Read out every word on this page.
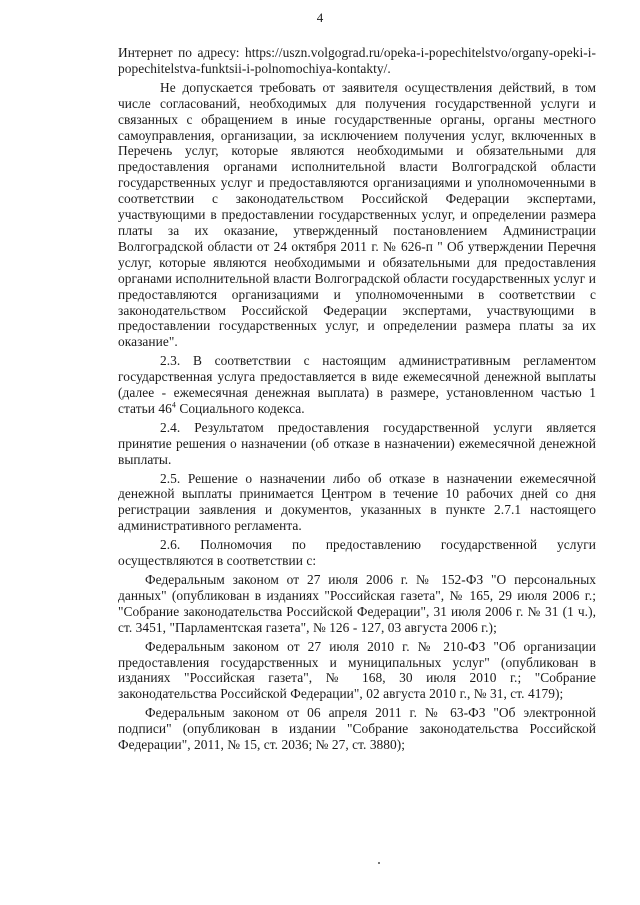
4

Интернет по адресу: https://uszn.volgograd.ru/opeka-i-popechitelstvo/organy-opeki-i-popechitelstva-funktsii-i-polnomochiya-kontakty/.

Не допускается требовать от заявителя осуществления действий, в том числе согласований, необходимых для получения государственной услуги и связанных с обращением в иные государственные органы, органы местного самоуправления, организации, за исключением получения услуг, включенных в Перечень услуг, которые являются необходимыми и обязательными для предоставления органами исполнительной власти Волгоградской области государственных услуг и предоставляются организациями и уполномоченными в соответствии с законодательством Российской Федерации экспертами, участвующими в предоставлении государственных услуг, и определении размера платы за их оказание, утвержденный постановлением Администрации Волгоградской области от 24 октября 2011 г. № 626-п " Об утверждении Перечня услуг, которые являются необходимыми и обязательными для предоставления органами исполнительной власти Волгоградской области государственных услуг и предоставляются организациями и уполномоченными в соответствии с законодательством Российской Федерации экспертами, участвующими в предоставлении государственных услуг, и определении размера платы за их оказание".

2.3. В соответствии с настоящим административным регламентом государственная услуга предоставляется в виде ежемесячной денежной выплаты (далее - ежемесячная денежная выплата) в размере, установленном частью 1 статьи $46^4$ Социального кодекса.

2.4. Результатом предоставления государственной услуги является принятие решения о назначении (об отказе в назначении) ежемесячной денежной выплаты.

2.5. Решение о назначении либо об отказе в назначении ежемесячной денежной выплаты принимается Центром в течение 10 рабочих дней со дня регистрации заявления и документов, указанных в пункте 2.7.1 настоящего административного регламента.

2.6. Полномочия по предоставлению государственной услуги осуществляются в соответствии с:

Федеральным законом от 27 июля 2006 г. № 152-ФЗ "О персональных данных" (опубликован в изданиях "Российская газета", № 165, 29 июля 2006 г.; "Собрание законодательства Российской Федерации", 31 июля 2006 г. № 31 (1 ч.), ст. 3451, "Парламентская газета", № 126 - 127, 03 августа 2006 г.);

Федеральным законом от 27 июля 2010 г. № 210-ФЗ "Об организации предоставления государственных и муниципальных услуг" (опубликован в изданиях "Российская газета", № 168, 30 июля 2010 г.; "Собрание законодательства Российской Федерации", 02 августа 2010 г., № 31, ст. 4179);

Федеральным законом от 06 апреля 2011 г. № 63-ФЗ "Об электронной подписи" (опубликован в издании "Собрание законодательства Российской Федерации", 2011, № 15, ст. 2036; № 27, ст. 3880);
